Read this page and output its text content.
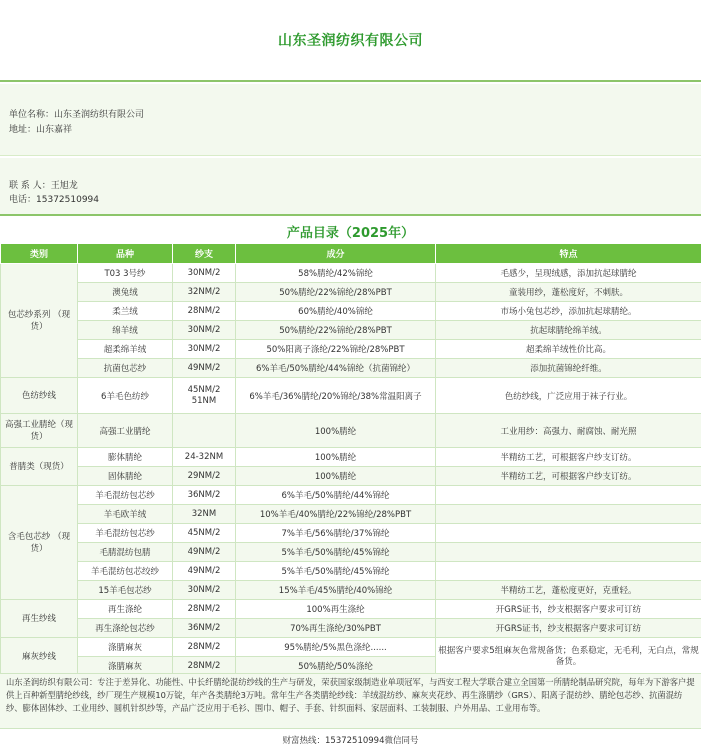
山东圣润纺织有限公司

单位名称：山东圣润纺织有限公司

地址：山东嘉祥

联 系 人：王旭龙

电话：15372510994

产品目录（2025年）
类别	品种	纱支	成分	特点
包芯纱系列 （现货）	T03 3号纱	30NM/2	58%腈纶/42%锦纶	毛感少，呈现绒感，添加抗起球腈纶
	澳兔绒	32NM/2	50%腈纶/22%锦纶/28%PBT	童装用纱，蓬松度好，不刺肤。
	柔兰绒	28NM/2	60%腈纶/40%锦纶	市场小兔包芯纱，添加抗起球腈纶。
	绵羊绒	30NM/2	50%腈纶/22%锦纶/28%PBT	抗起球腈纶绵羊绒。
	超柔绵羊绒	30NM/2	50%阳离子涤纶/22%锦纶/28%PBT	超柔绵羊绒性价比高。
	抗菌包芯纱	49NM/2	6%羊毛/50%腈纶/44%锦纶（抗菌锦纶）	添加抗菌锦纶纤维。
色纺纱线	6羊毛色纺纱	45NM/2 51NM	6%羊毛/36%腈纶/20%锦纶/38%常温阳离子	色纺纱线，广泛应用于袜子行业。
高强工业腈纶（现货）	高强工业腈纶		100%腈纶	工业用纱：高强力、耐腐蚀、耐光照
普腈类（现货）	膨体腈纶	24-32NM	100%腈纶	半精纺工艺，可根据客户纱支订纺。
	固体腈纶	29NM/2	100%腈纶	半精纺工艺，可根据客户纱支订纺。
含毛包芯纱 （现货）	羊毛混纺包芯纱	36NM/2	6%羊毛/50%腈纶/44%锦纶	
	羊毛欧羊绒	32NM	10%羊毛/40%腈纶/22%锦纶/28%PBT	
	羊毛混纺包芯纱	45NM/2	7%羊毛/56%腈纶/37%锦纶	
	毛腈混纺包腈	49NM/2	5%羊毛/50%腈纶/45%锦纶	
	羊毛混纺包芯绞纱	49NM/2	5%羊毛/50%腈纶/45%锦纶	
	15羊毛包芯纱	30NM/2	15%羊毛/45%腈纶/40%锦纶	半精纺工艺，蓬松度更好，克重轻。
再生纱线	再生涤纶	28NM/2	100%再生涤纶	开GRS证书，纱支根据客户要求可订纺
	再生涤纶包芯纱	36NM/2	70%再生涤纶/30%PBT	开GRS证书，纱支根据客户要求可订纺
麻灰纱线	涤腈麻灰	28NM/2	95%腈纶/5%黑色涤纶......	根据客户要求5组麻灰色常规备货；色系稳定，无毛利，无白点，常规备货。
	涤腈麻灰	28NM/2	50%腈纶/50%涤纶	
山东圣润纺织有限公司：专注于差异化、功能性、中长纤腈纶混纺纱线的生产与研发，荣获国家级制造业单项冠军，与西安工程大学联合建立全国第一所腈纶制品研究院，每年为下游客户提供上百种新型腈纶纱线，纱厂现生产规模10万锭，年产各类腈纶3万吨。常年生产各类腈纶纱线：羊绒混纺纱、麻灰夹花纱、再生涤腈纱（GRS）、阳离子混纺纱、腈纶包芯纱、抗菌混纺纱、膨体固体纱、工业用纱、圆机针织纱等，产品广泛应用于毛衫、围巾、帽子、手套、针织面料、家居面料、工装制服、户外用品、工业用布等。
财富热线：15372510994微信同号
